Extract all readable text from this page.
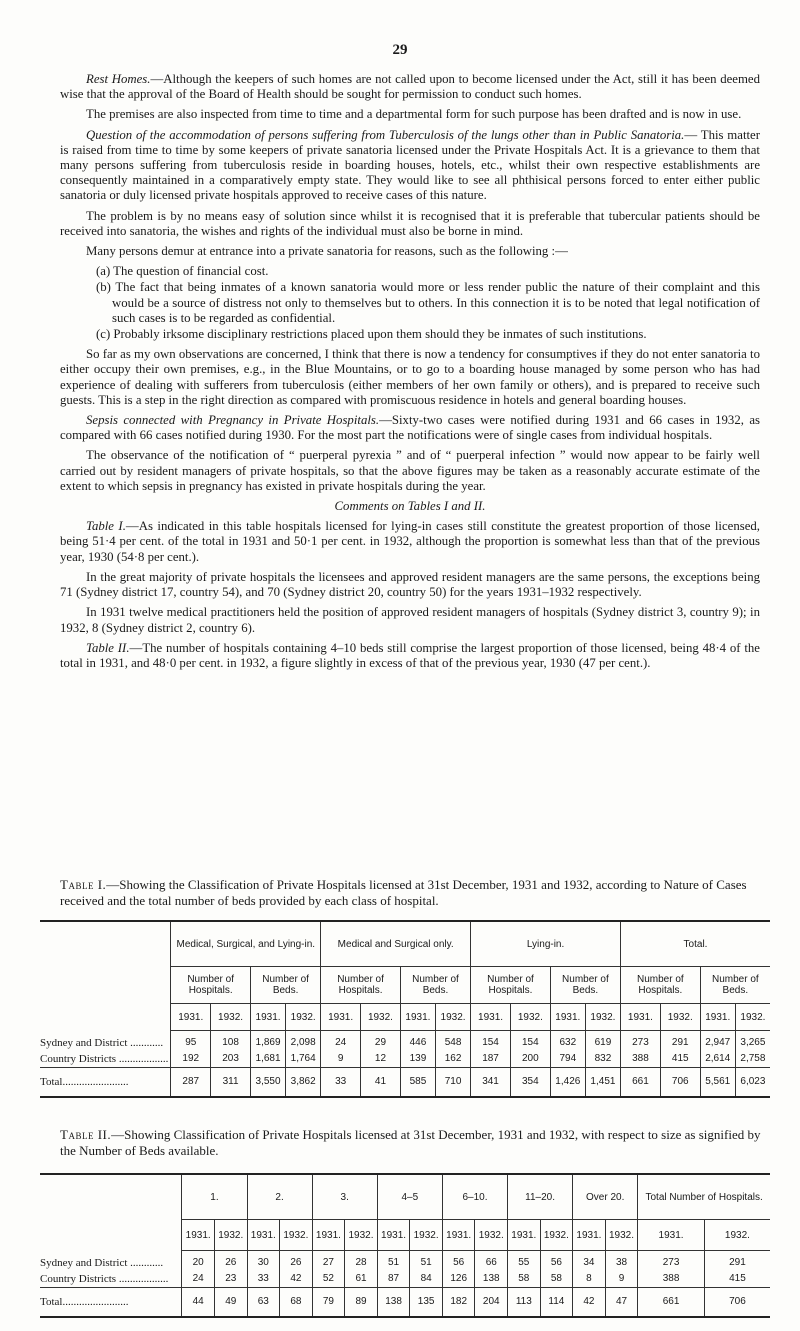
29

Rest Homes.—Although the keepers of such homes are not called upon to become licensed under the Act, still it has been deemed wise that the approval of the Board of Health should be sought for permission to conduct such homes.

The premises are also inspected from time to time and a departmental form for such purpose has been drafted and is now in use.

Question of the accommodation of persons suffering from Tuberculosis of the lungs other than in Public Sanatoria.— This matter is raised from time to time by some keepers of private sanatoria licensed under the Private Hospitals Act. It is a grievance to them that many persons suffering from tuberculosis reside in boarding houses, hotels, etc., whilst their own respective establishments are consequently maintained in a comparatively empty state. They would like to see all phthisical persons forced to enter either public sanatoria or duly licensed private hospitals approved to receive cases of this nature.

The problem is by no means easy of solution since whilst it is recognised that it is preferable that tubercular patients should be received into sanatoria, the wishes and rights of the individual must also be borne in mind.

Many persons demur at entrance into a private sanatoria for reasons, such as the following :—

(a) The question of financial cost.
(b) The fact that being inmates of a known sanatoria would more or less render public the nature of their complaint and this would be a source of distress not only to themselves but to others. In this connection it is to be noted that legal notification of such cases is to be regarded as confidential.
(c) Probably irksome disciplinary restrictions placed upon them should they be inmates of such institutions.

So far as my own observations are concerned, I think that there is now a tendency for consumptives if they do not enter sanatoria to either occupy their own premises, e.g., in the Blue Mountains, or to go to a boarding house managed by some person who has had experience of dealing with sufferers from tuberculosis (either members of her own family or others), and is prepared to receive such guests. This is a step in the right direction as compared with promiscuous residence in hotels and general boarding houses.

Sepsis connected with Pregnancy in Private Hospitals.—Sixty-two cases were notified during 1931 and 66 cases in 1932, as compared with 66 cases notified during 1930. For the most part the notifications were of single cases from individual hospitals.

The observance of the notification of “ puerperal pyrexia ” and of “ puerperal infection ” would now appear to be fairly well carried out by resident managers of private hospitals, so that the above figures may be taken as a reasonably accurate estimate of the extent to which sepsis in pregnancy has existed in private hospitals during the year.

Comments on Tables I and II.

Table I.—As indicated in this table hospitals licensed for lying-in cases still constitute the greatest proportion of those licensed, being 51·4 per cent. of the total in 1931 and 50·1 per cent. in 1932, although the proportion is somewhat less than that of the previous year, 1930 (54·8 per cent.).

In the great majority of private hospitals the licensees and approved resident managers are the same persons, the exceptions being 71 (Sydney district 17, country 54), and 70 (Sydney district 20, country 50) for the years 1931–1932 respectively.

In 1931 twelve medical practitioners held the position of approved resident managers of hospitals (Sydney district 3, country 9); in 1932, 8 (Sydney district 2, country 6).

Table II.—The number of hospitals containing 4–10 beds still comprise the largest proportion of those licensed, being 48·4 of the total in 1931, and 48·0 per cent. in 1932, a figure slightly in excess of that of the previous year, 1930 (47 per cent.).

Table I.—Showing the Classification of Private Hospitals licensed at 31st December, 1931 and 1932, according to Nature of Cases received and the total number of beds provided by each class of hospital.
	Medical, Surgical, and Lying-in.				Medical and Surgical only.				Lying-in.				Total.			
	Number of Hospitals.		Number of Beds.		Number of Hospitals.		Number of Beds.		Number of Hospitals.		Number of Beds.		Number of Hospitals.		Number of Beds.	
	1931.	1932.	1931.	1932.	1931.	1932.	1931.	1932.	1931.	1932.	1931.	1932.	1931.	1932.	1931.	1932.
Sydney and District ............	95	108	1,869	2,098	24	29	446	548	154	154	632	619	273	291	2,947	3,265
Country Districts ..................	192	203	1,681	1,764	9	12	139	162	187	200	794	832	388	415	2,614	2,758
Total........................	287	311	3,550	3,862	33	41	585	710	341	354	1,426	1,451	661	706	5,561	6,023
Table II.—Showing Classification of Private Hospitals licensed at 31st December, 1931 and 1932, with respect to size as signified by the Number of Beds available.
	1.		2.		3.		4–5		6–10.		11–20.		Over 20.		Total Number of Hospitals.	
	1931.	1932.	1931.	1932.	1931.	1932.	1931.	1932.	1931.	1932.	1931.	1932.	1931.	1932.	1931.	1932.
Sydney and District ............	20	26	30	26	27	28	51	51	56	66	55	56	34	38	273	291
Country Districts ..................	24	23	33	42	52	61	87	84	126	138	58	58	8	9	388	415
Total........................	44	49	63	68	79	89	138	135	182	204	113	114	42	47	661	706
